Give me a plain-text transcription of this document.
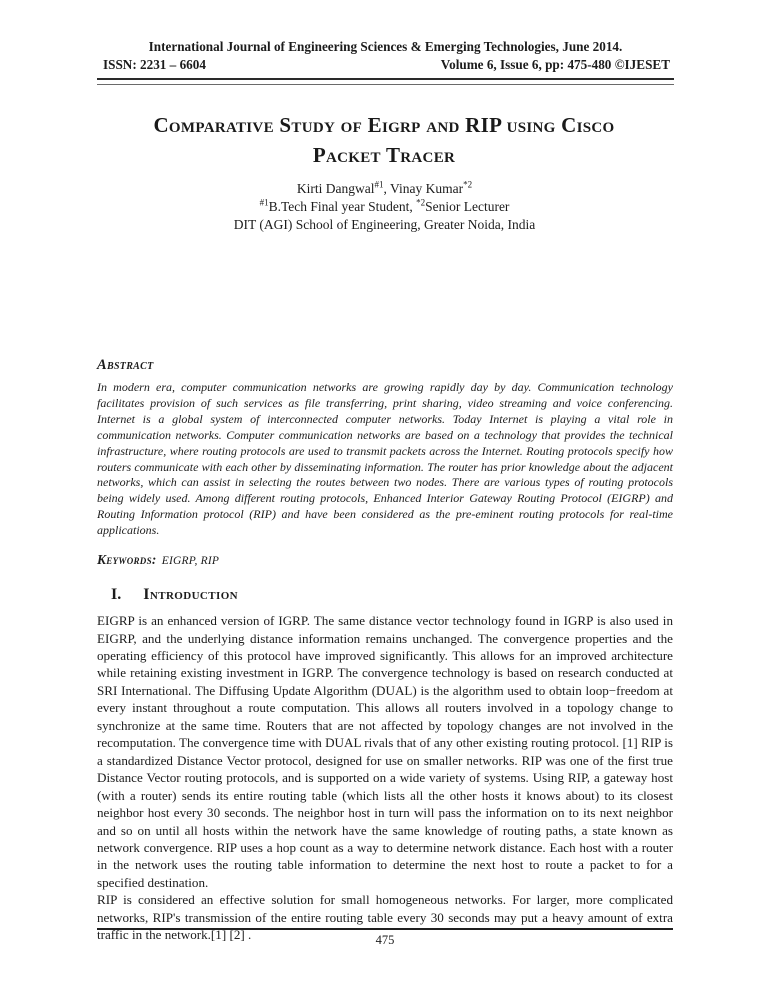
International Journal of Engineering Sciences & Emerging Technologies, June 2014.
ISSN: 2231 – 6604	Volume 6, Issue 6, pp: 475-480 ©IJESET
Comparative Study of Eigrp and RIP using Cisco
Packet Tracer
Kirti Dangwal$^{\#1}$, Vinay Kumar$^{*2}$
$^{\#1}$B.Tech Final year Student, $^{*2}$Senior Lecturer
DIT (AGI) School of Engineering, Greater Noida, India
Abstract

In modern era, computer communication networks are growing rapidly day by day. Communication technology facilitates provision of such services as file transferring, print sharing, video streaming and voice conferencing. Internet is a global system of interconnected computer networks. Today Internet is playing a vital role in communication networks. Computer communication networks are based on a technology that provides the technical infrastructure, where routing protocols are used to transmit packets across the Internet. Routing protocols specify how routers communicate with each other by disseminating information. The router has prior knowledge about the adjacent networks, which can assist in selecting the routes between two nodes. There are various types of routing protocols being widely used. Among different routing protocols, Enhanced Interior Gateway Routing Protocol (EIGRP) and Routing Information protocol (RIP) and have been considered as the pre-eminent routing protocols for real-time applications.

Keywords: EIGRP, RIP
I. Introduction

EIGRP is an enhanced version of IGRP. The same distance vector technology found in IGRP is also used in EIGRP, and the underlying distance information remains unchanged. The convergence properties and the operating efficiency of this protocol have improved significantly. This allows for an improved architecture while retaining existing investment in IGRP. The convergence technology is based on research conducted at SRI International. The Diffusing Update Algorithm (DUAL) is the algorithm used to obtain loop−freedom at every instant throughout a route computation. This allows all routers involved in a topology change to synchronize at the same time. Routers that are not affected by topology changes are not involved in the recomputation. The convergence time with DUAL rivals that of any other existing routing protocol. [1] RIP is a standardized Distance Vector protocol, designed for use on smaller networks. RIP was one of the first true Distance Vector routing protocols, and is supported on a wide variety of systems. Using RIP, a gateway host (with a router) sends its entire routing table (which lists all the other hosts it knows about) to its closest neighbor host every 30 seconds. The neighbor host in turn will pass the information on to its next neighbor and so on until all hosts within the network have the same knowledge of routing paths, a state known as network convergence. RIP uses a hop count as a way to determine network distance. Each host with a router in the network uses the routing table information to determine the next host to route a packet to for a specified destination.

RIP is considered an effective solution for small homogeneous networks. For larger, more complicated networks, RIP's transmission of the entire routing table every 30 seconds may put a heavy amount of extra traffic in the network.[1] [2] .	475
